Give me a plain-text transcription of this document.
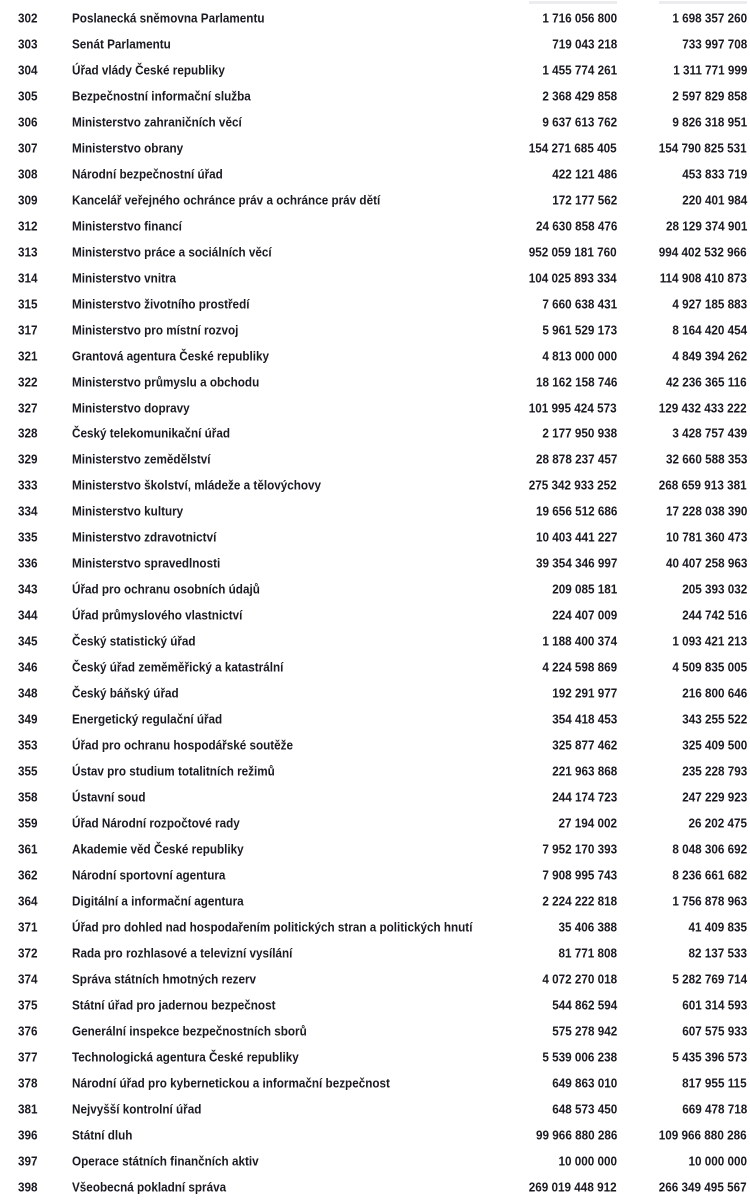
302	Poslanecká sněmovna Parlamentu	1 716 056 800	1 698 357 260
303	Senát Parlamentu	719 043 218	733 997 708
304	Úřad vlády České republiky	1 455 774 261	1 311 771 999
305	Bezpečnostní informační služba	2 368 429 858	2 597 829 858
306	Ministerstvo zahraničních věcí	9 637 613 762	9 826 318 951
307	Ministerstvo obrany	154 271 685 405	154 790 825 531
308	Národní bezpečnostní úřad	422 121 486	453 833 719
309	Kancelář veřejného ochránce práv a ochránce práv dětí	172 177 562	220 401 984
312	Ministerstvo financí	24 630 858 476	28 129 374 901
313	Ministerstvo práce a sociálních věcí	952 059 181 760	994 402 532 966
314	Ministerstvo vnitra	104 025 893 334	114 908 410 873
315	Ministerstvo životního prostředí	7 660 638 431	4 927 185 883
317	Ministerstvo pro místní rozvoj	5 961 529 173	8 164 420 454
321	Grantová agentura České republiky	4 813 000 000	4 849 394 262
322	Ministerstvo průmyslu a obchodu	18 162 158 746	42 236 365 116
327	Ministerstvo dopravy	101 995 424 573	129 432 433 222
328	Český telekomunikační úřad	2 177 950 938	3 428 757 439
329	Ministerstvo zemědělství	28 878 237 457	32 660 588 353
333	Ministerstvo školství, mládeže a tělovýchovy	275 342 933 252	268 659 913 381
334	Ministerstvo kultury	19 656 512 686	17 228 038 390
335	Ministerstvo zdravotnictví	10 403 441 227	10 781 360 473
336	Ministerstvo spravedlnosti	39 354 346 997	40 407 258 963
343	Úřad pro ochranu osobních údajů	209 085 181	205 393 032
344	Úřad průmyslového vlastnictví	224 407 009	244 742 516
345	Český statistický úřad	1 188 400 374	1 093 421 213
346	Český úřad zeměměřický a katastrální	4 224 598 869	4 509 835 005
348	Český báňský úřad	192 291 977	216 800 646
349	Energetický regulační úřad	354 418 453	343 255 522
353	Úřad pro ochranu hospodářské soutěže	325 877 462	325 409 500
355	Ústav pro studium totalitních režimů	221 963 868	235 228 793
358	Ústavní soud	244 174 723	247 229 923
359	Úřad Národní rozpočtové rady	27 194 002	26 202 475
361	Akademie věd České republiky	7 952 170 393	8 048 306 692
362	Národní sportovní agentura	7 908 995 743	8 236 661 682
364	Digitální a informační agentura	2 224 222 818	1 756 878 963
371	Úřad pro dohled nad hospodařením politických stran a politických hnutí	35 406 388	41 409 835
372	Rada pro rozhlasové a televizní vysílání	81 771 808	82 137 533
374	Správa státních hmotných rezerv	4 072 270 018	5 282 769 714
375	Státní úřad pro jadernou bezpečnost	544 862 594	601 314 593
376	Generální inspekce bezpečnostních sborů	575 278 942	607 575 933
377	Technologická agentura České republiky	5 539 006 238	5 435 396 573
378	Národní úřad pro kybernetickou a informační bezpečnost	649 863 010	817 955 115
381	Nejvyšší kontrolní úřad	648 573 450	669 478 718
396	Státní dluh	99 966 880 286	109 966 880 286
397	Operace státních finančních aktiv	10 000 000	10 000 000
398	Všeobecná pokladní správa	269 019 448 912	266 349 495 567
